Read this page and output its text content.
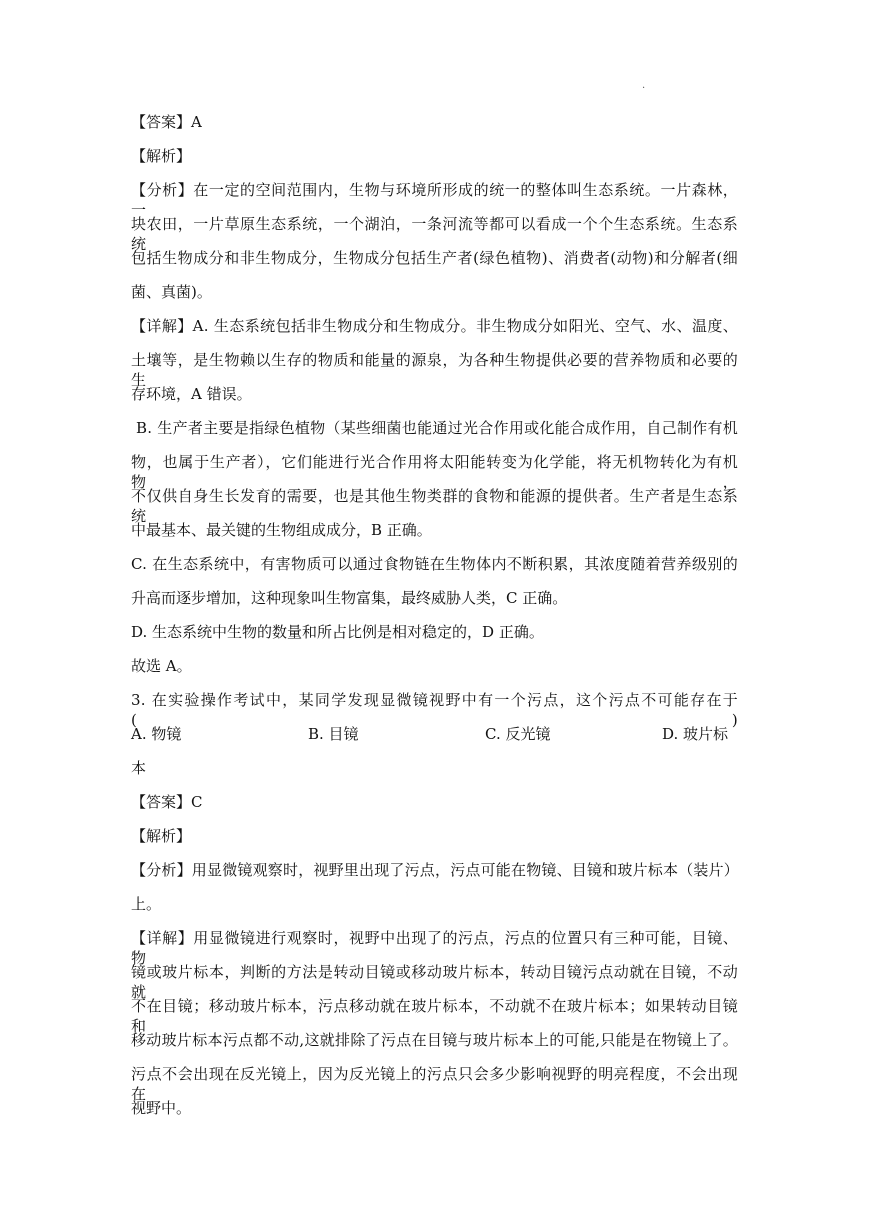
.
【答案】A
【解析】
【分析】在一定的空间范围内，生物与环境所形成的统一的整体叫生态系统。一片森林，一
块农田，一片草原生态系统，一个湖泊，一条河流等都可以看成一个个生态系统。生态系统
包括生物成分和非生物成分，生物成分包括生产者(绿色植物)、消费者(动物)和分解者(细
菌、真菌)。
【详解】A. 生态系统包括非生物成分和生物成分。非生物成分如阳光、空气、水、温度、
土壤等，是生物赖以生存的物质和能量的源泉，为各种生物提供必要的营养物质和必要的生
存环境，A 错误。
B. 生产者主要是指绿色植物（某些细菌也能通过光合作用或化能合成作用，自己制作有机
物，也属于生产者），它们能进行光合作用将太阳能转变为化学能，将无机物转化为有机物，
不仅供自身生长发育的需要，也是其他生物类群的食物和能源的提供者。生产者是生态系统
中最基本、最关键的生物组成成分，B 正确。
C. 在生态系统中，有害物质可以通过食物链在生物体内不断积累，其浓度随着营养级别的
升高而逐步增加，这种现象叫生物富集，最终威胁人类，C 正确。
D. 生态系统中生物的数量和所占比例是相对稳定的，D 正确。
故选 A。
3. 在实验操作考试中，某同学发现显微镜视野中有一个污点，这个污点不可能存在于(　　)
A. 物镜	B. 目镜	C. 反光镜	D. 玻片标
本
【答案】C
【解析】
【分析】用显微镜观察时，视野里出现了污点，污点可能在物镜、目镜和玻片标本（装片）
上。
【详解】用显微镜进行观察时，视野中出现了的污点，污点的位置只有三种可能，目镜、物
镜或玻片标本，判断的方法是转动目镜或移动玻片标本，转动目镜污点动就在目镜，不动就
不在目镜；移动玻片标本，污点移动就在玻片标本，不动就不在玻片标本；如果转动目镜和
移动玻片标本污点都不动,这就排除了污点在目镜与玻片标本上的可能,只能是在物镜上了。
污点不会出现在反光镜上，因为反光镜上的污点只会多少影响视野的明亮程度，不会出现在
视野中。
